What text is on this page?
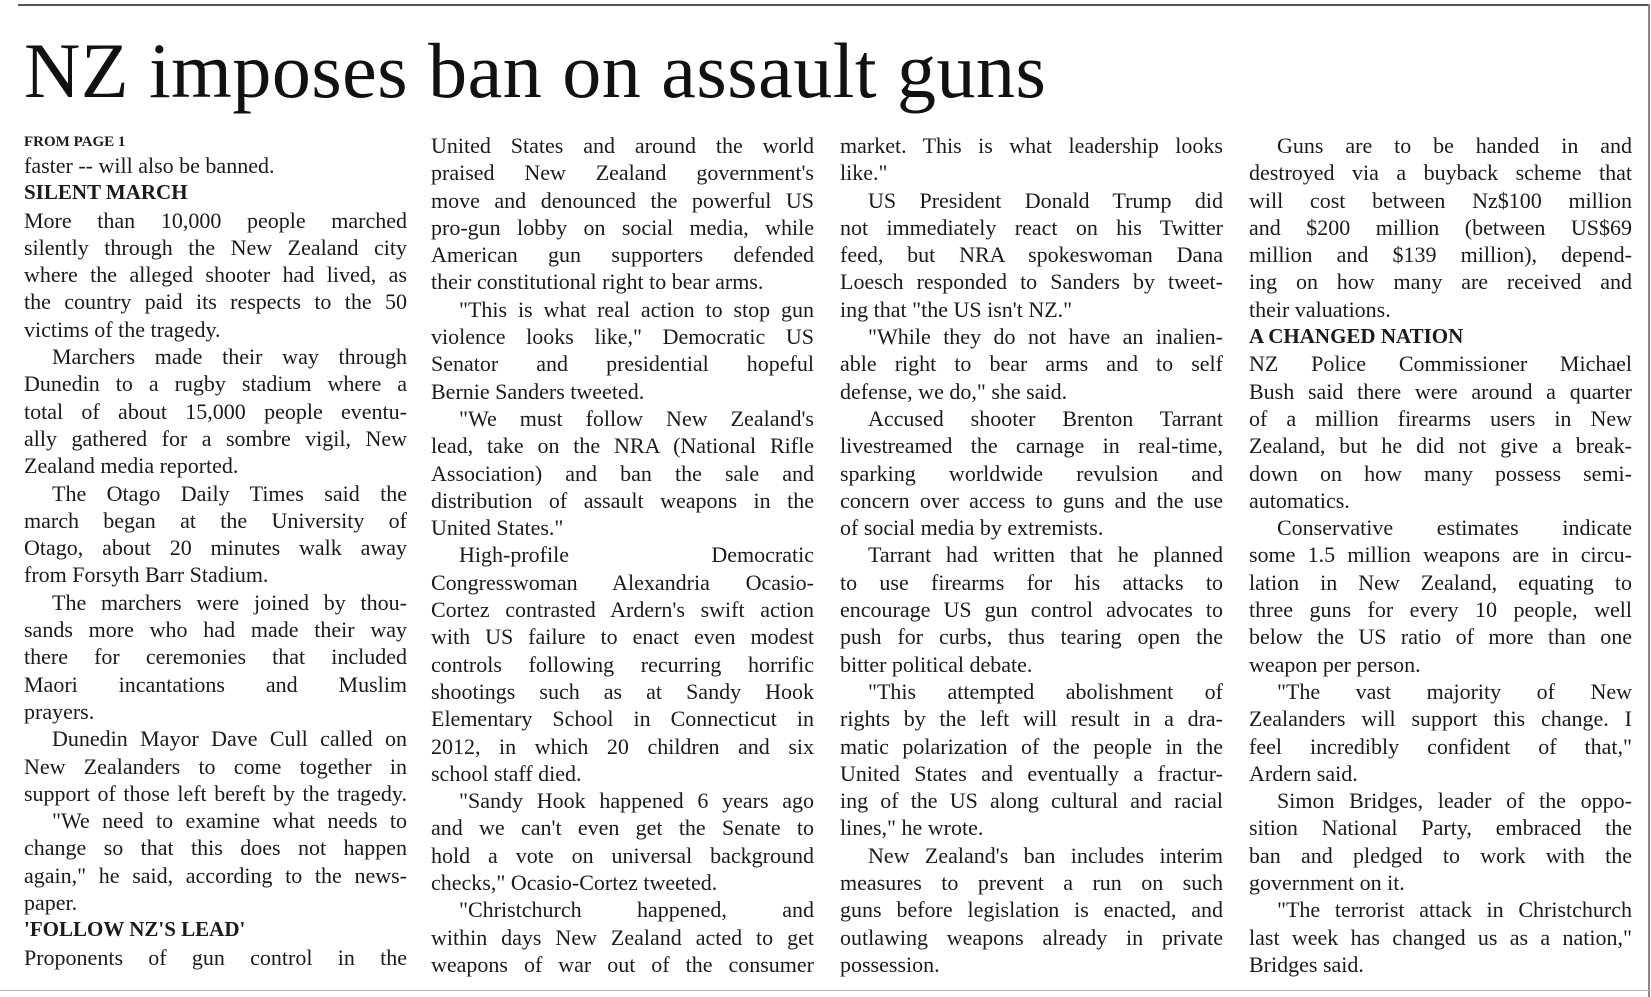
NZ imposes ban on assault guns
FROM PAGE 1
faster -- will also be banned.
SILENT MARCH
More than 10,000 people marched
silently through the New Zealand city
where the alleged shooter had lived, as
the country paid its respects to the 50
victims of the tragedy.
Marchers made their way through
Dunedin to a rugby stadium where a
total of about 15,000 people eventu-
ally gathered for a sombre vigil, New
Zealand media reported.
The Otago Daily Times said the
march began at the University of
Otago, about 20 minutes walk away
from Forsyth Barr Stadium.
The marchers were joined by thou-
sands more who had made their way
there for ceremonies that included
Maori incantations and Muslim
prayers.
Dunedin Mayor Dave Cull called on
New Zealanders to come together in
support of those left bereft by the tragedy.
"We need to examine what needs to
change so that this does not happen
again," he said, according to the news-
paper.
'FOLLOW NZ'S LEAD'
Proponents of gun control in the
United States and around the world
praised New Zealand government's
move and denounced the powerful US
pro-gun lobby on social media, while
American gun supporters defended
their constitutional right to bear arms.
"This is what real action to stop gun
violence looks like," Democratic US
Senator and presidential hopeful
Bernie Sanders tweeted.
"We must follow New Zealand's
lead, take on the NRA (National Rifle
Association) and ban the sale and
distribution of assault weapons in the
United States."
High-profile Democratic
Congresswoman Alexandria Ocasio-
Cortez contrasted Ardern's swift action
with US failure to enact even modest
controls following recurring horrific
shootings such as at Sandy Hook
Elementary School in Connecticut in
2012, in which 20 children and six
school staff died.
"Sandy Hook happened 6 years ago
and we can't even get the Senate to
hold a vote on universal background
checks," Ocasio-Cortez tweeted.
"Christchurch happened, and
within days New Zealand acted to get
weapons of war out of the consumer
market. This is what leadership looks
like."
US President Donald Trump did
not immediately react on his Twitter
feed, but NRA spokeswoman Dana
Loesch responded to Sanders by tweet-
ing that "the US isn't NZ."
"While they do not have an inalien-
able right to bear arms and to self
defense, we do," she said.
Accused shooter Brenton Tarrant
livestreamed the carnage in real-time,
sparking worldwide revulsion and
concern over access to guns and the use
of social media by extremists.
Tarrant had written that he planned
to use firearms for his attacks to
encourage US gun control advocates to
push for curbs, thus tearing open the
bitter political debate.
"This attempted abolishment of
rights by the left will result in a dra-
matic polarization of the people in the
United States and eventually a fractur-
ing of the US along cultural and racial
lines," he wrote.
New Zealand's ban includes interim
measures to prevent a run on such
guns before legislation is enacted, and
outlawing weapons already in private
possession.
Guns are to be handed in and
destroyed via a buyback scheme that
will cost between Nz$100 million
and $200 million (between US$69
million and $139 million), depend-
ing on how many are received and
their valuations.
A CHANGED NATION
NZ Police Commissioner Michael
Bush said there were around a quarter
of a million firearms users in New
Zealand, but he did not give a break-
down on how many possess semi-
automatics.
Conservative estimates indicate
some 1.5 million weapons are in circu-
lation in New Zealand, equating to
three guns for every 10 people, well
below the US ratio of more than one
weapon per person.
"The vast majority of New
Zealanders will support this change. I
feel incredibly confident of that,"
Ardern said.
Simon Bridges, leader of the oppo-
sition National Party, embraced the
ban and pledged to work with the
government on it.
"The terrorist attack in Christchurch
last week has changed us as a nation,"
Bridges said.
